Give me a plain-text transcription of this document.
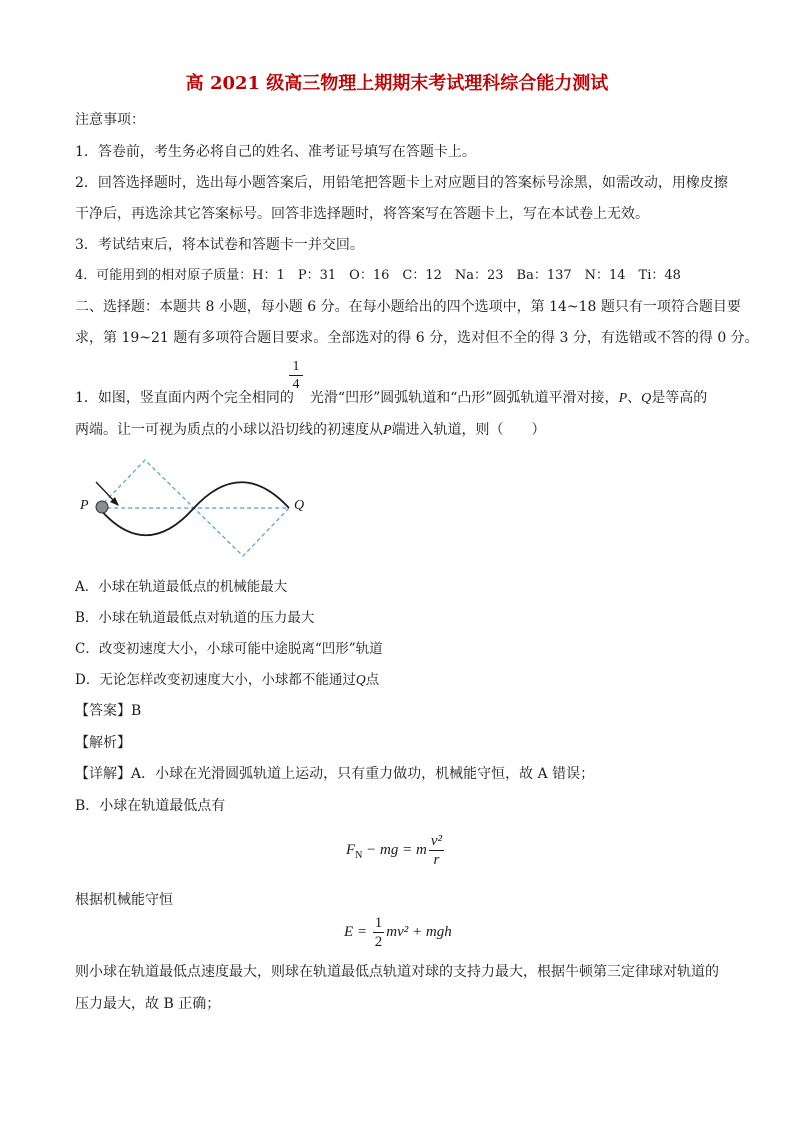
高 2021 级高三物理上期期末考试理科综合能力测试
注意事项：
1．答卷前，考生务必将自己的姓名、准考证号填写在答题卡上。
2．回答选择题时，选出每小题答案后，用铅笔把答题卡上对应题目的答案标号涂黑，如需改动，用橡皮擦
干净后，再选涂其它答案标号。回答非选择题时，将答案写在答题卡上，写在本试卷上无效。
3．考试结束后，将本试卷和答题卡一并交回。
4．可能用到的相对原子质量：H：1　P：31　O：16　C：12　Na：23　Ba：137　N：14　Ti：48
二、选择题：本题共 8 小题，每小题 6 分。在每小题给出的四个选项中，第 14~18 题只有一项符合题目要
求，第 19~21 题有多项符合题目要求。全部选对的得 6 分，选对但不全的得 3 分，有选错或不答的得 0 分。
$\frac{1}{4}$
1．如图，竖直面内两个完全相同的 光滑“凹形”圆弧轨道和“凸形”圆弧轨道平滑对接，P、Q是等高的
两端。让一可视为质点的小球以沿切线的初速度从P端进入轨道，则（　　）
P	Q
A．小球在轨道最低点的机械能最大
B．小球在轨道最低点对轨道的压力最大
C．改变初速度大小，小球可能中途脱离“凹形”轨道
D．无论怎样改变初速度大小，小球都不能通过Q点
【答案】B
【解析】
【详解】A．小球在光滑圆弧轨道上运动，只有重力做功，机械能守恒，故 A 错误；
B．小球在轨道最低点有
$F_N$ − mg = m $\frac{\text{v²}}{r}$
根据机械能守恒
$E = \frac{1}{2} mv^2$ + mgh
则小球在轨道最低点速度最大，则球在轨道最低点轨道对球的支持力最大，根据牛顿第三定律球对轨道的
压力最大，故 B 正确；
